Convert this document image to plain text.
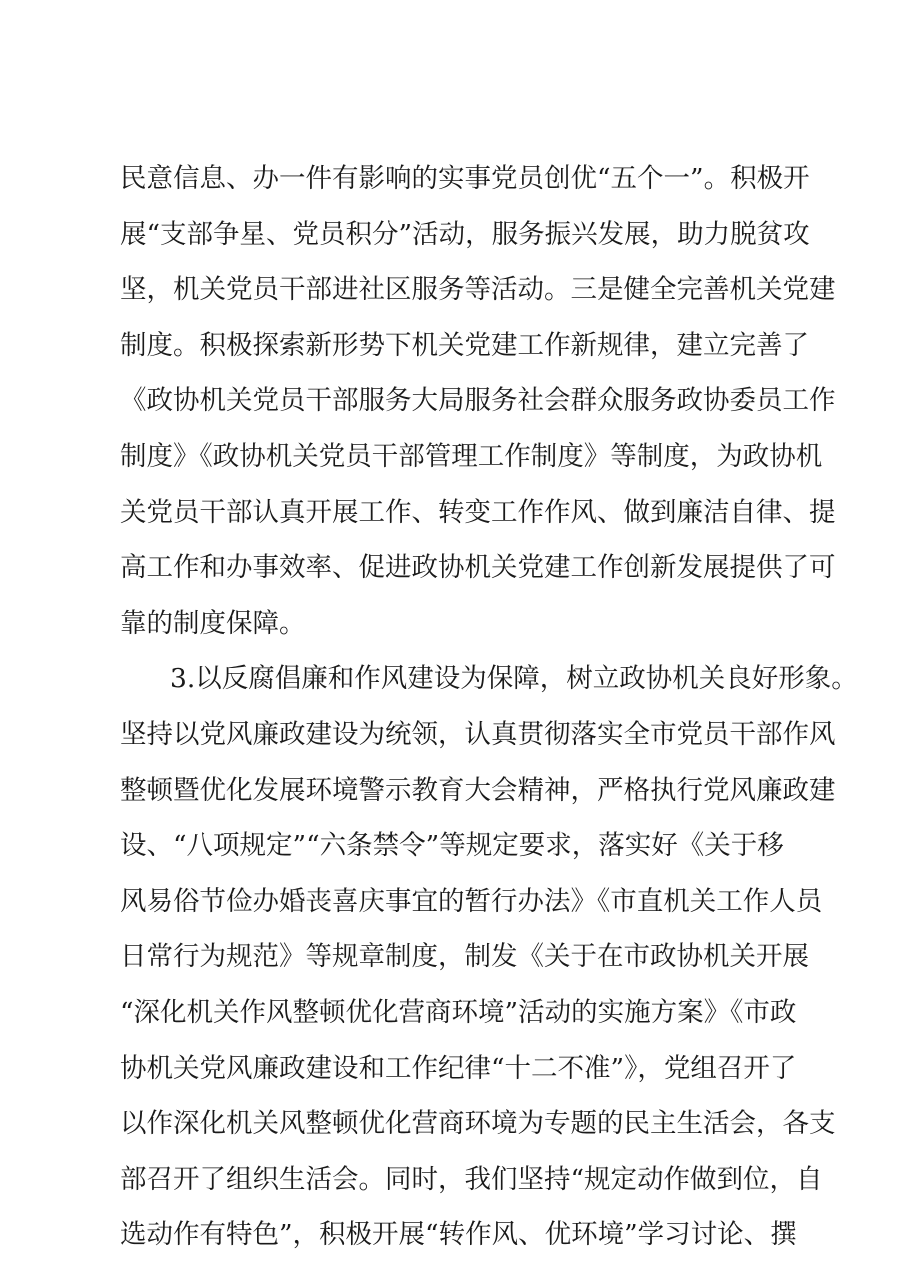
民意信息、办一件有影响的实事党员创优“五个一”。积极开
展“支部争星、党员积分”活动，服务振兴发展，助力脱贫攻
坚，机关党员干部进社区服务等活动。三是健全完善机关党建
制度。积极探索新形势下机关党建工作新规律，建立完善了
《政协机关党员干部服务大局服务社会群众服务政协委员工作
制度》《政协机关党员干部管理工作制度》等制度，为政协机
关党员干部认真开展工作、转变工作作风、做到廉洁自律、提
高工作和办事效率、促进政协机关党建工作创新发展提供了可
靠的制度保障。
3.以反腐倡廉和作风建设为保障，树立政协机关良好形象。
坚持以党风廉政建设为统领，认真贯彻落实全市党员干部作风
整顿暨优化发展环境警示教育大会精神，严格执行党风廉政建
设、“八项规定”“六条禁令”等规定要求，落实好《关于移
风易俗节俭办婚丧喜庆事宜的暂行办法》《市直机关工作人员
日常行为规范》等规章制度，制发《关于在市政协机关开展
“深化机关作风整顿优化营商环境”活动的实施方案》《市政
协机关党风廉政建设和工作纪律“十二不准”》，党组召开了
以作深化机关风整顿优化营商环境为专题的民主生活会，各支
部召开了组织生活会。同时，我们坚持“规定动作做到位，自
选动作有特色”，积极开展“转作风、优环境”学习讨论、撰
